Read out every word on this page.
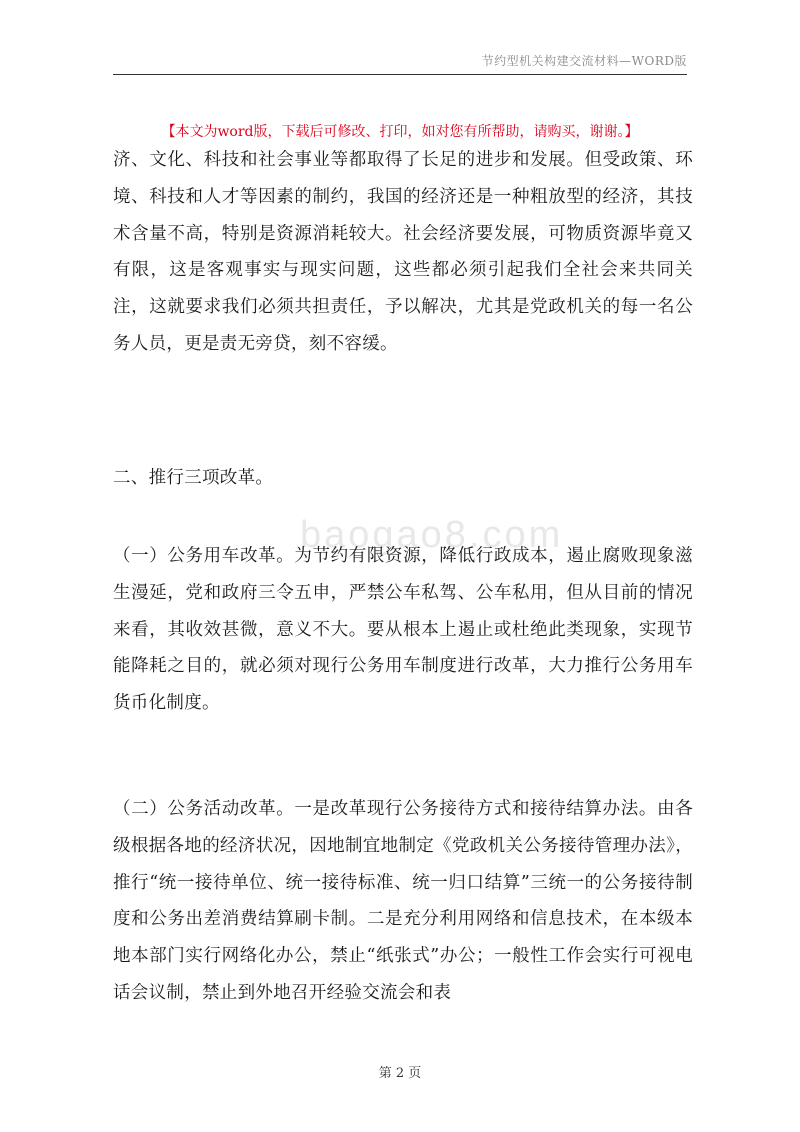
节约型机关构建交流材料—WORD版
【本文为word版，下载后可修改、打印，如对您有所帮助，请购买，谢谢。】
baogao8.com

济、文化、科技和社会事业等都取得了长足的进步和发展。但受政策、环境、科技和人才等因素的制约，我国的经济还是一种粗放型的经济，其技术含量不高，特别是资源消耗较大。社会经济要发展，可物质资源毕竟又有限，这是客观事实与现实问题，这些都必须引起我们全社会来共同关注，这就要求我们必须共担责任，予以解决，尤其是党政机关的每一名公务人员，更是责无旁贷，刻不容缓。

二、推行三项改革。

（一）公务用车改革。为节约有限资源，降低行政成本，遏止腐败现象滋生漫延，党和政府三令五申，严禁公车私驾、公车私用，但从目前的情况来看，其收效甚微，意义不大。要从根本上遏止或杜绝此类现象，实现节能降耗之目的，就必须对现行公务用车制度进行改革，大力推行公务用车货币化制度。

（二）公务活动改革。一是改革现行公务接待方式和接待结算办法。由各级根据各地的经济状况，因地制宜地制定《党政机关公务接待管理办法》，推行“统一接待单位、统一接待标准、统一归口结算”三统一的公务接待制度和公务出差消费结算刷卡制。二是充分利用网络和信息技术，在本级本地本部门实行网络化办公，禁止“纸张式”办公；一般性工作会实行可视电话会议制，禁止到外地召开经验交流会和表

第 2 页
